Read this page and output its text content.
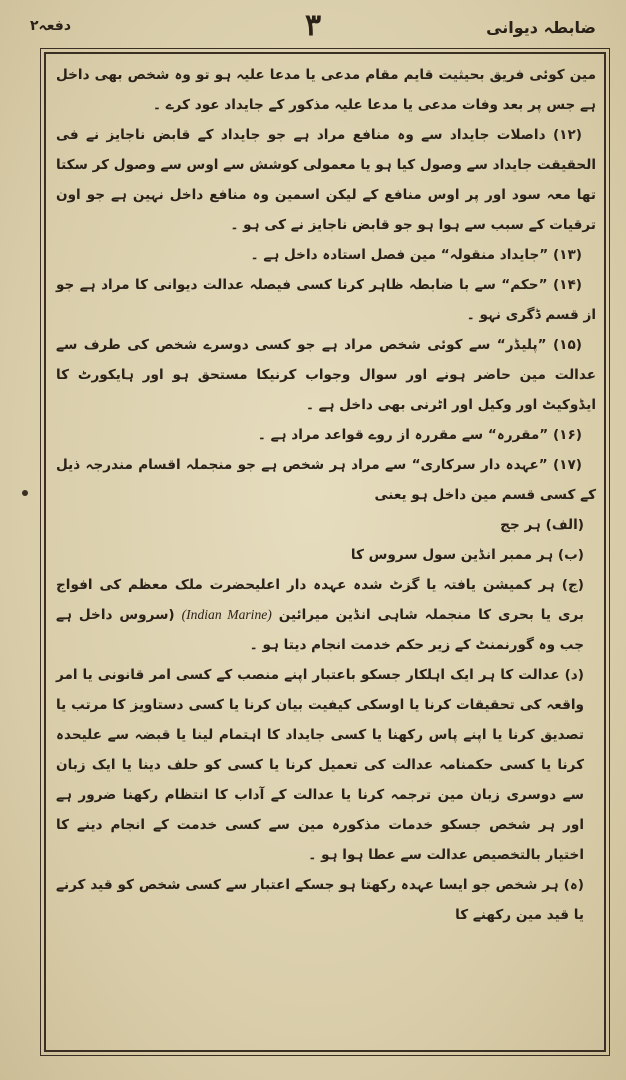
ضابطہ دیوانی
۳
دفعہ۲

مین کوئی فریق بحیثیت قایم مقام مدعی یا مدعا علیہ ہو تو وہ شخص بھی داخل ہے جس پر بعد وفات مدعی یا مدعا علیہ مذکور کے جایداد عود کرے ۔

(۱۲) داصلات جایداد سے وہ منافع مراد ہے جو جایداد کے قابض ناجایز نے فی الحقیقت جایداد سے وصول کیا ہو یا معمولی کوشش سے اوس سے وصول کر سکتا تھا معہ سود اور پر اوس منافع کے لیکن اسمین وہ منافع داخل نہین ہے جو اون ترقیات کے سبب سے ہوا ہو جو قابض ناجایز نے کی ہو ۔

(۱۳) ”جایداد منقولہ“ مین فصل استادہ داخل ہے ۔

(۱۴) ”حکم“ سے با ضابطہ ظاہر کرنا کسی فیصلہ عدالت دیوانی کا مراد ہے جو از قسم ڈگری نہو ۔

(۱۵) ”پلیڈر“ سے کوئی شخص مراد ہے جو کسی دوسرے شخص کی طرف سے عدالت مین حاضر ہونے اور سوال وجواب کرنیکا مستحق ہو اور ہایکورٹ کا ایڈوکیٹ اور وکیل اور اٹرنی بھی داخل ہے ۔

(۱۶) ”مقررہ“ سے مقررہ از روے قواعد مراد ہے ۔

(۱۷) ”عہدہ دار سرکاری“ سے مراد ہر شخص ہے جو منجملہ اقسام مندرجہ ذیل کے کسی قسم مین داخل ہو یعنی

(الف) ہر جج

(ب) ہر ممبر انڈین سول سروس کا

(ج) ہر کمیشن یافتہ یا گزٹ شدہ عہدہ دار اعلیحضرت ملک معظم کی افواج بری یا بحری کا منجملہ شاہی انڈین میرائین (Indian Marine) (سروس داخل ہے جب وہ گورنمنٹ کے زیر حکم خدمت انجام دیتا ہو ۔

(د) عدالت کا ہر ایک اہلکار جسکو باعتبار اپنے منصب کے کسی امر قانونی یا امر واقعہ کی تحقیقات کرنا یا اوسکی کیفیت بیان کرنا یا کسی دستاویز کا مرتب یا تصدیق کرنا یا اپنے پاس رکھنا یا کسی جایداد کا اہتمام لینا یا قبضہ سے علیحدہ کرنا یا کسی حکمنامہ عدالت کی تعمیل کرنا یا کسی کو حلف دینا یا ایک زبان سے دوسری زبان مین ترجمہ کرنا یا عدالت کے آداب کا انتظام رکھنا ضرور ہے اور ہر شخص جسکو خدمات مذکورہ مین سے کسی خدمت کے انجام دینے کا اختیار بالتخصیص عدالت سے عطا ہوا ہو ۔

(ہ) ہر شخص جو ایسا عہدہ رکھتا ہو جسکے اعتبار سے کسی شخص کو قید کرنے یا قید مین رکھنے کا
